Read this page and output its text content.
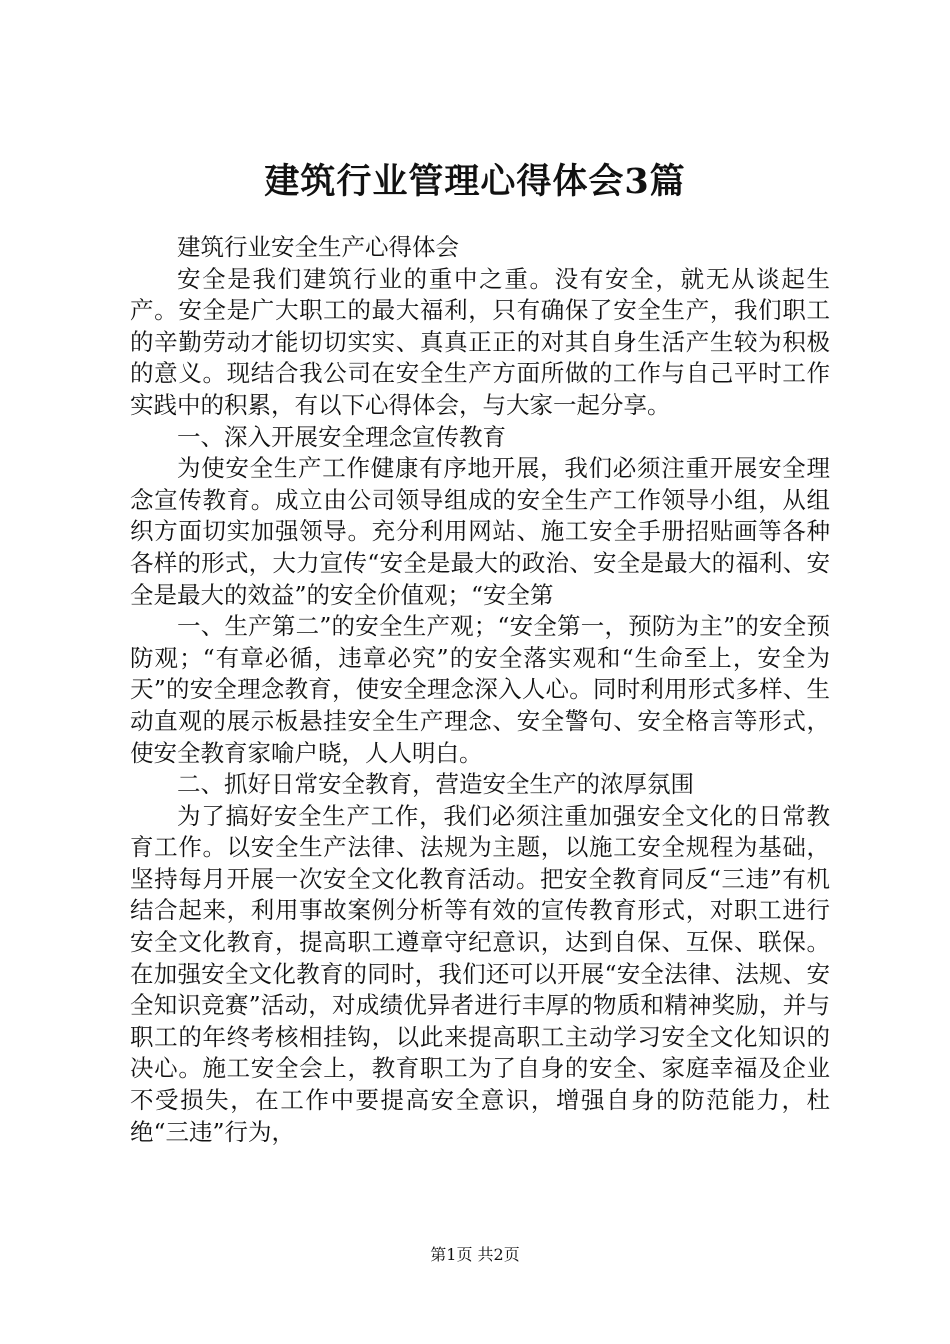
建筑行业管理心得体会3篇

建筑行业安全生产心得体会

安全是我们建筑行业的重中之重。没有安全，就无从谈起生产。安全是广大职工的最大福利，只有确保了安全生产，我们职工的辛勤劳动才能切切实实、真真正正的对其自身生活产生较为积极的意义。现结合我公司在安全生产方面所做的工作与自己平时工作实践中的积累，有以下心得体会，与大家一起分享。

一、深入开展安全理念宣传教育

为使安全生产工作健康有序地开展，我们必须注重开展安全理念宣传教育。成立由公司领导组成的安全生产工作领导小组，从组织方面切实加强领导。充分利用网站、施工安全手册招贴画等各种各样的形式，大力宣传“安全是最大的政治、安全是最大的福利、安全是最大的效益”的安全价值观；“安全第

一、生产第二”的安全生产观；“安全第一，预防为主”的安全预防观；“有章必循，违章必究”的安全落实观和“生命至上，安全为天”的安全理念教育，使安全理念深入人心。同时利用形式多样、生动直观的展示板悬挂安全生产理念、安全警句、安全格言等形式，使安全教育家喻户晓，人人明白。

二、抓好日常安全教育，营造安全生产的浓厚氛围

为了搞好安全生产工作，我们必须注重加强安全文化的日常教育工作。以安全生产法律、法规为主题，以施工安全规程为基础，坚持每月开展一次安全文化教育活动。把安全教育同反“三违”有机结合起来，利用事故案例分析等有效的宣传教育形式，对职工进行安全文化教育，提高职工遵章守纪意识，达到自保、互保、联保。在加强安全文化教育的同时，我们还可以开展“安全法律、法规、安全知识竞赛”活动，对成绩优异者进行丰厚的物质和精神奖励，并与职工的年终考核相挂钩，以此来提高职工主动学习安全文化知识的决心。施工安全会上，教育职工为了自身的安全、家庭幸福及企业不受损失，在工作中要提高安全意识，增强自身的防范能力，杜绝“三违”行为，

第1页 共2页
